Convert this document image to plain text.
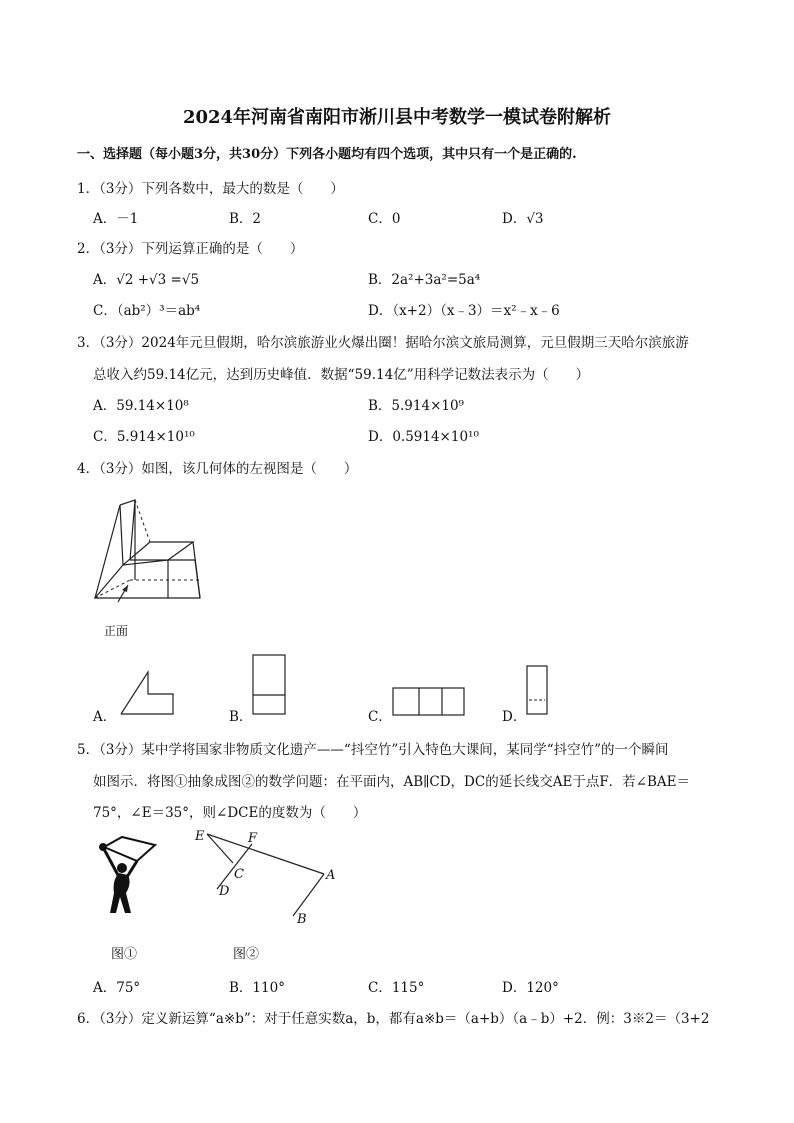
2024年河南省南阳市淅川县中考数学一模试卷附解析
一、选择题（每小题3分，共30分）下列各小题均有四个选项，其中只有一个是正确的.
1．（3分）下列各数中，最大的数是（　　）
A．－1	B．2	C．0	D．√3
2．（3分）下列运算正确的是（　　）
A．√2 +√3 =√5	B．2a²+3a²=5a⁴
C．（ab²）³＝ab⁴	D．（x+2）（x﹣3）＝x²﹣x﹣6
3．（3分）2024年元旦假期，哈尔滨旅游业火爆出圈！据哈尔滨文旅局测算，元旦假期三天哈尔滨旅游
总收入约59.14亿元，达到历史峰值．数据“59.14亿”用科学记数法表示为（　　）
A．59.14×10⁸	B．5.914×10⁹
C．5.914×10¹⁰	D．0.5914×10¹⁰
4．（3分）如图，该几何体的左视图是（　　）
正面
A．	B．	C．	D．
5．（3分）某中学将国家非物质文化遗产——“抖空竹”引入特色大课间，某同学“抖空竹”的一个瞬间
如图示．将图①抽象成图②的数学问题：在平面内，AB∥CD，DC的延长线交AE于点F．若∠BAE＝
75°，∠E＝35°，则∠DCE的度数为（　　）
图①
E	F
C
D
A
B
图②
A．75°	B．110°	C．115°	D．120°
6．（3分）定义新运算“a※b”：对于任意实数a，b，都有a※b＝（a+b）（a﹣b）+2．例：3※2＝（3+2
